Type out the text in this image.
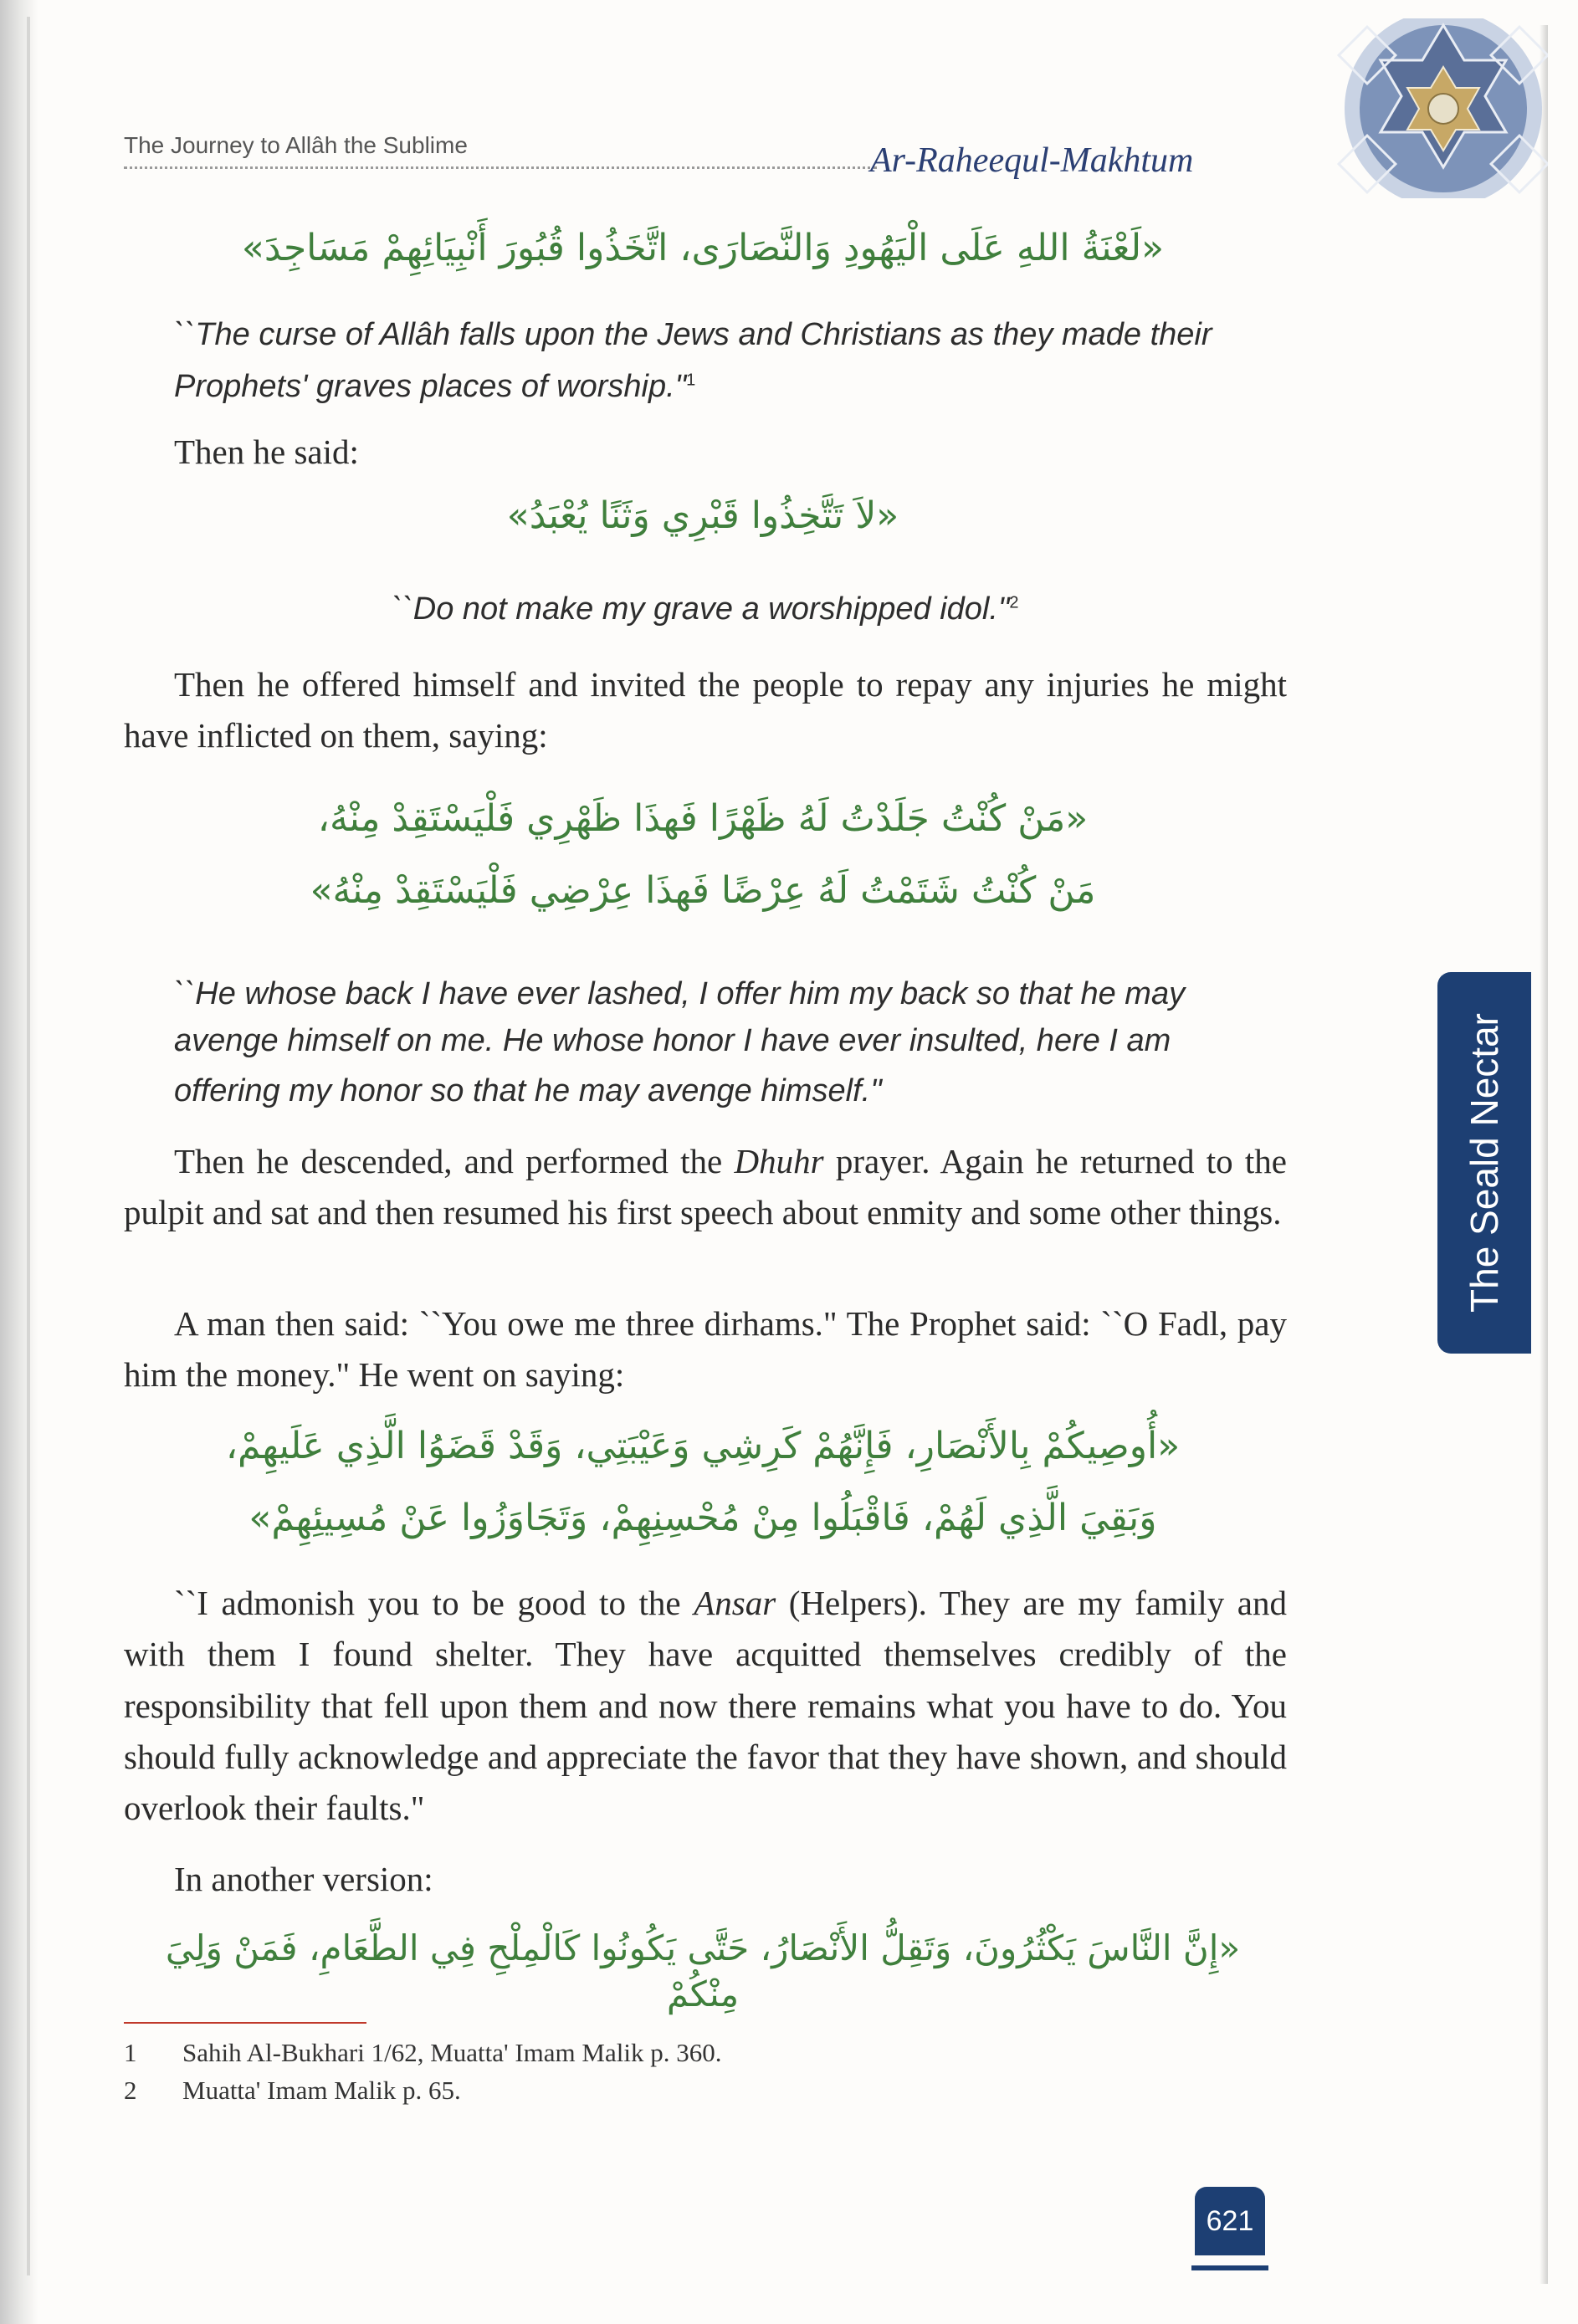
The Journey to Allâh the Sublime	Ar-Raheequl-Makhtum
«لَعْنَةُ اللهِ عَلَى الْيَهُودِ وَالنَّصَارَى، اتَّخَذُوا قُبُورَ أَنْبِيَائِهِمْ مَسَاجِدَ»
``The curse of Allâh falls upon the Jews and Christians as they made their
Prophets' graves places of worship."$^1$
Then he said:
«لاَ تَتَّخِذُوا قَبْرِي وَثَنًا يُعْبَدُ»
``Do not make my grave a worshipped idol."$^2$
Then he offered himself and invited the people to repay any injuries he might have inflicted on them, saying:
«مَنْ كُنْتُ جَلَدْتُ لَهُ ظَهْرًا فَهذَا ظَهْرِي فَلْيَسْتَقِدْ مِنْهُ،
مَنْ كُنْتُ شَتَمْتُ لَهُ عِرْضًا فَهذَا عِرْضِي فَلْيَسْتَقِدْ مِنْهُ»
``He whose back I have ever lashed, I offer him my back so that he may
avenge himself on me. He whose honor I have ever insulted, here I am
offering my honor so that he may avenge himself."
Then he descended, and performed the Dhuhr prayer. Again he returned to the pulpit and sat and then resumed his first speech about enmity and some other things.
A man then said: ``You owe me three dirhams." The Prophet said: ``O Fadl, pay him the money." He went on saying:
«أُوصِيكُمْ بِالأَنْصَارِ، فَإِنَّهُمْ كَرِشِي وَعَيْبَتِي، وَقَدْ قَضَوُا الَّذِي عَلَيهِمْ،
وَبَقِيَ الَّذِي لَهُمْ، فَاقْبَلُوا مِنْ مُحْسِنِهِمْ، وَتَجَاوَزُوا عَنْ مُسِيئِهِمْ»
``I admonish you to be good to the Ansar (Helpers). They are my family and with them I found shelter. They have acquitted themselves credibly of the responsibility that fell upon them and now there remains what you have to do. You should fully acknowledge and appreciate the favor that they have shown, and should overlook their faults."
In another version:
«إِنَّ النَّاسَ يَكْثُرُونَ، وَتَقِلُّ الأَنْصَارُ، حَتَّى يَكُونُوا كَالْمِلْحِ فِي الطَّعَامِ، فَمَنْ وَلِيَ مِنْكُمْ
1 Sahih Al-Bukhari 1/62, Muatta' Imam Malik p. 360.
2 Muatta' Imam Malik p. 65.
The Seald Nectar
621
